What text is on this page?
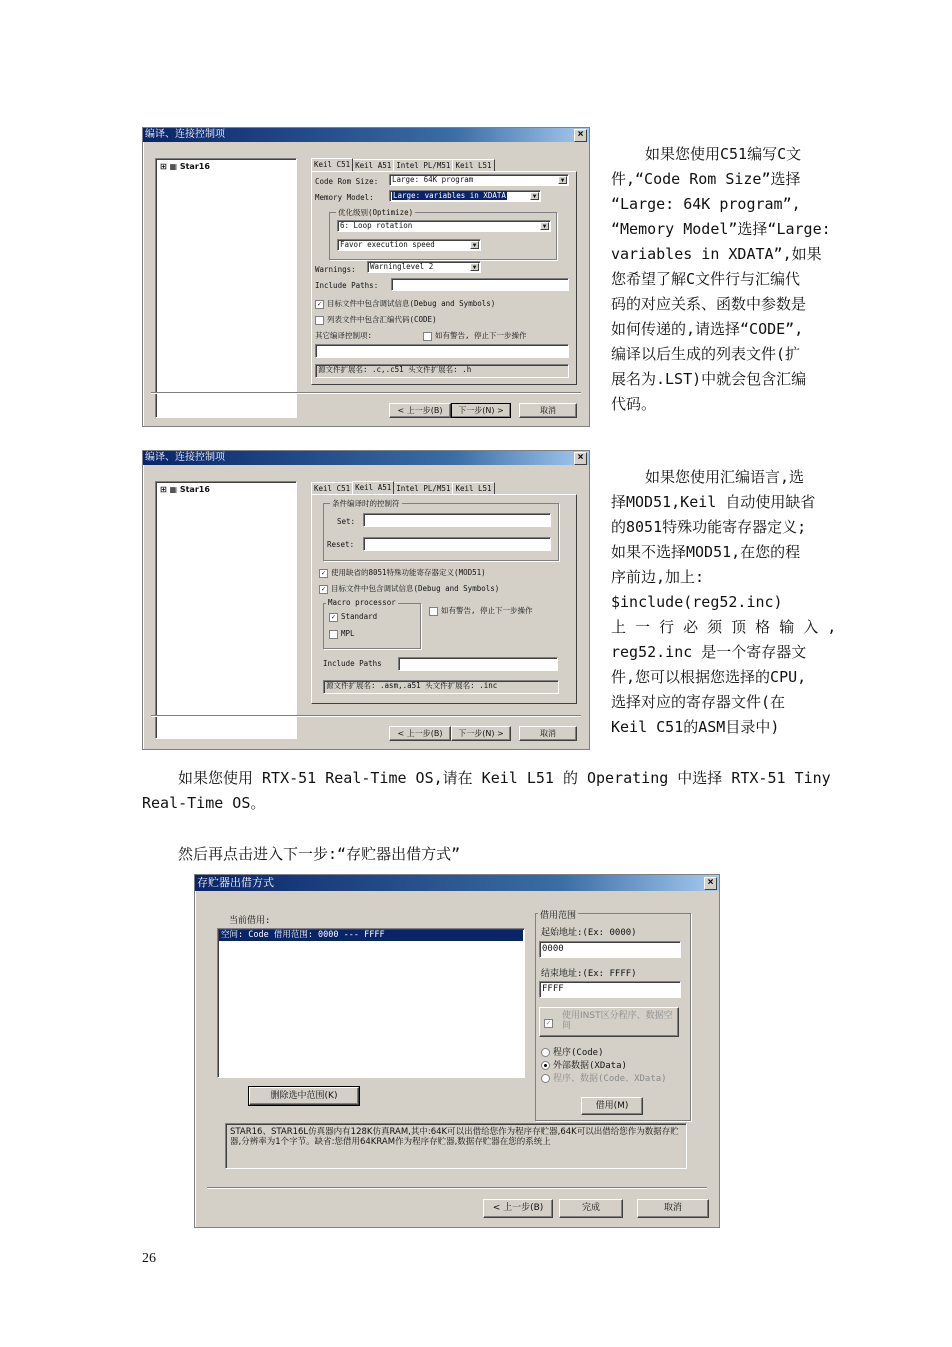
编译、连接控制项	×
⊞ ▦ Star16	Keil C51 Keil A51 Intel PL/M51 Keil L51
Code Rom Size:	Large: 64K program	▼
Memory Model:	Large: variables in XDATA	▼
优化级别(Optimize)
6: Loop rotation	▼
Favor execution speed	▼
Warnings:	Warninglevel 2	▼
Include Paths:
✓ 目标文件中包含调试信息(Debug and Symbols)
列表文件中包含汇编代码(CODE)
其它编译控制项:	如有警告, 停止下一步操作
源文件扩展名: .c,.c51 头文件扩展名: .h
< 上一步(B)	下一步(N) >	取消

如果您使用C51编写C文

件,“Code Rom Size”选择

“Large: 64K program”,

“Memory Model”选择“Large:

variables in XDATA”,如果

您希望了解C文件行与汇编代

码的对应关系、函数中参数是

如何传递的,请选择“CODE”,

编译以后生成的列表文件(扩

展名为.LST)中就会包含汇编

代码。

编译、连接控制项	×
⊞ ▦ Star16	Keil C51 Keil A51 Intel PL/M51 Keil L51
条件编译时的控制符
Set:
Reset:
✓ 使用缺省的8051特殊功能寄存器定义(MOD51)
✓ 目标文件中包含调试信息(Debug and Symbols)
Macro processor
✓ Standard
MPL
如有警告, 停止下一步操作
Include Paths
源文件扩展名: .asm,.a51 头文件扩展名: .inc
< 上一步(B)	下一步(N) >	取消

如果您使用汇编语言,选

择MOD51,Keil 自动使用缺省

的8051特殊功能寄存器定义;

如果不选择MOD51,在您的程

序前边,加上:

$include(reg52.inc)

上 一 行 必 须 顶 格 输 入 ,

reg52.inc 是一个寄存器文

件,您可以根据您选择的CPU,

选择对应的寄存器文件(在

Keil C51的ASM目录中)

如果您使用 RTX-51 Real-Time OS,请在 Keil L51 的 Operating 中选择 RTX-51 Tiny

Real-Time OS。

然后再点击进入下一步:“存贮器出借方式”

存贮器出借方式	×
当前借用:
空间: Code 借用范围: 0000 --- FFFF
借用范围
起始地址:(Ex: 0000)
0000
结束地址:(Ex: FFFF)
FFFF
✓
使用INST区分程序、数据空间
程序(Code)
外部数据(XData)
程序、数据(Code、XData)
删除选中范围(K)
借用(M)
STAR16、STAR16L仿真器内有128K仿真RAM,其中:64K可以出借给您作为程序存贮器,64K可以出借给您作为数据存贮器,分辨率为1个字节。缺省:您借用64KRAM作为程序存贮器,数据存贮器在您的系统上
< 上一步(B)	完成	取消
26
